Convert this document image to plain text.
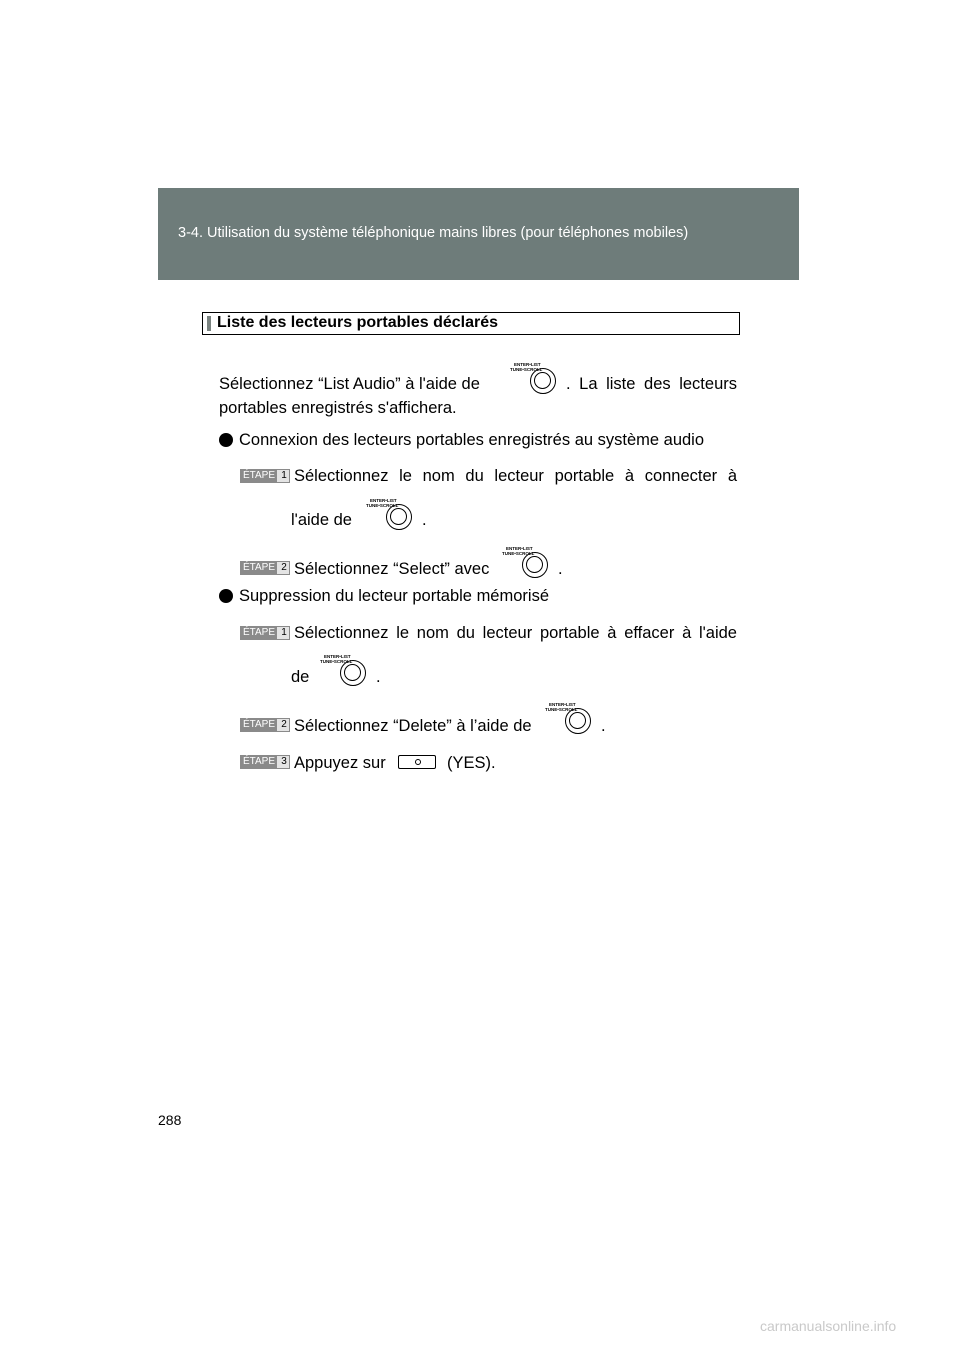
3-4. Utilisation du système téléphonique mains libres (pour téléphones mobiles)
Liste des lecteurs portables déclarés
Sélectionnez “List Audio” à l'aide de
ENTER•LIST
TUNE•SCROLL
. La liste des lecteurs
portables enregistrés s'affichera.
Connexion des lecteurs portables enregistrés au système audio
ÉTAPE 1 Sélectionnez le nom du lecteur portable à connecter à
l'aide de
ENTER•LIST
TUNE•SCROLL
.
ÉTAPE 2 Sélectionnez “Select” avec
ENTER•LIST
TUNE•SCROLL
.
Suppression du lecteur portable mémorisé
ÉTAPE 1 Sélectionnez le nom du lecteur portable à effacer à l'aide
de
ENTER•LIST
TUNE•SCROLL
.
ÉTAPE 2 Sélectionnez “Delete” à l’aide de
ENTER•LIST
TUNE•SCROLL
.
ÉTAPE 3 Appuyez sur	(YES).
288
carmanualsonline.info
